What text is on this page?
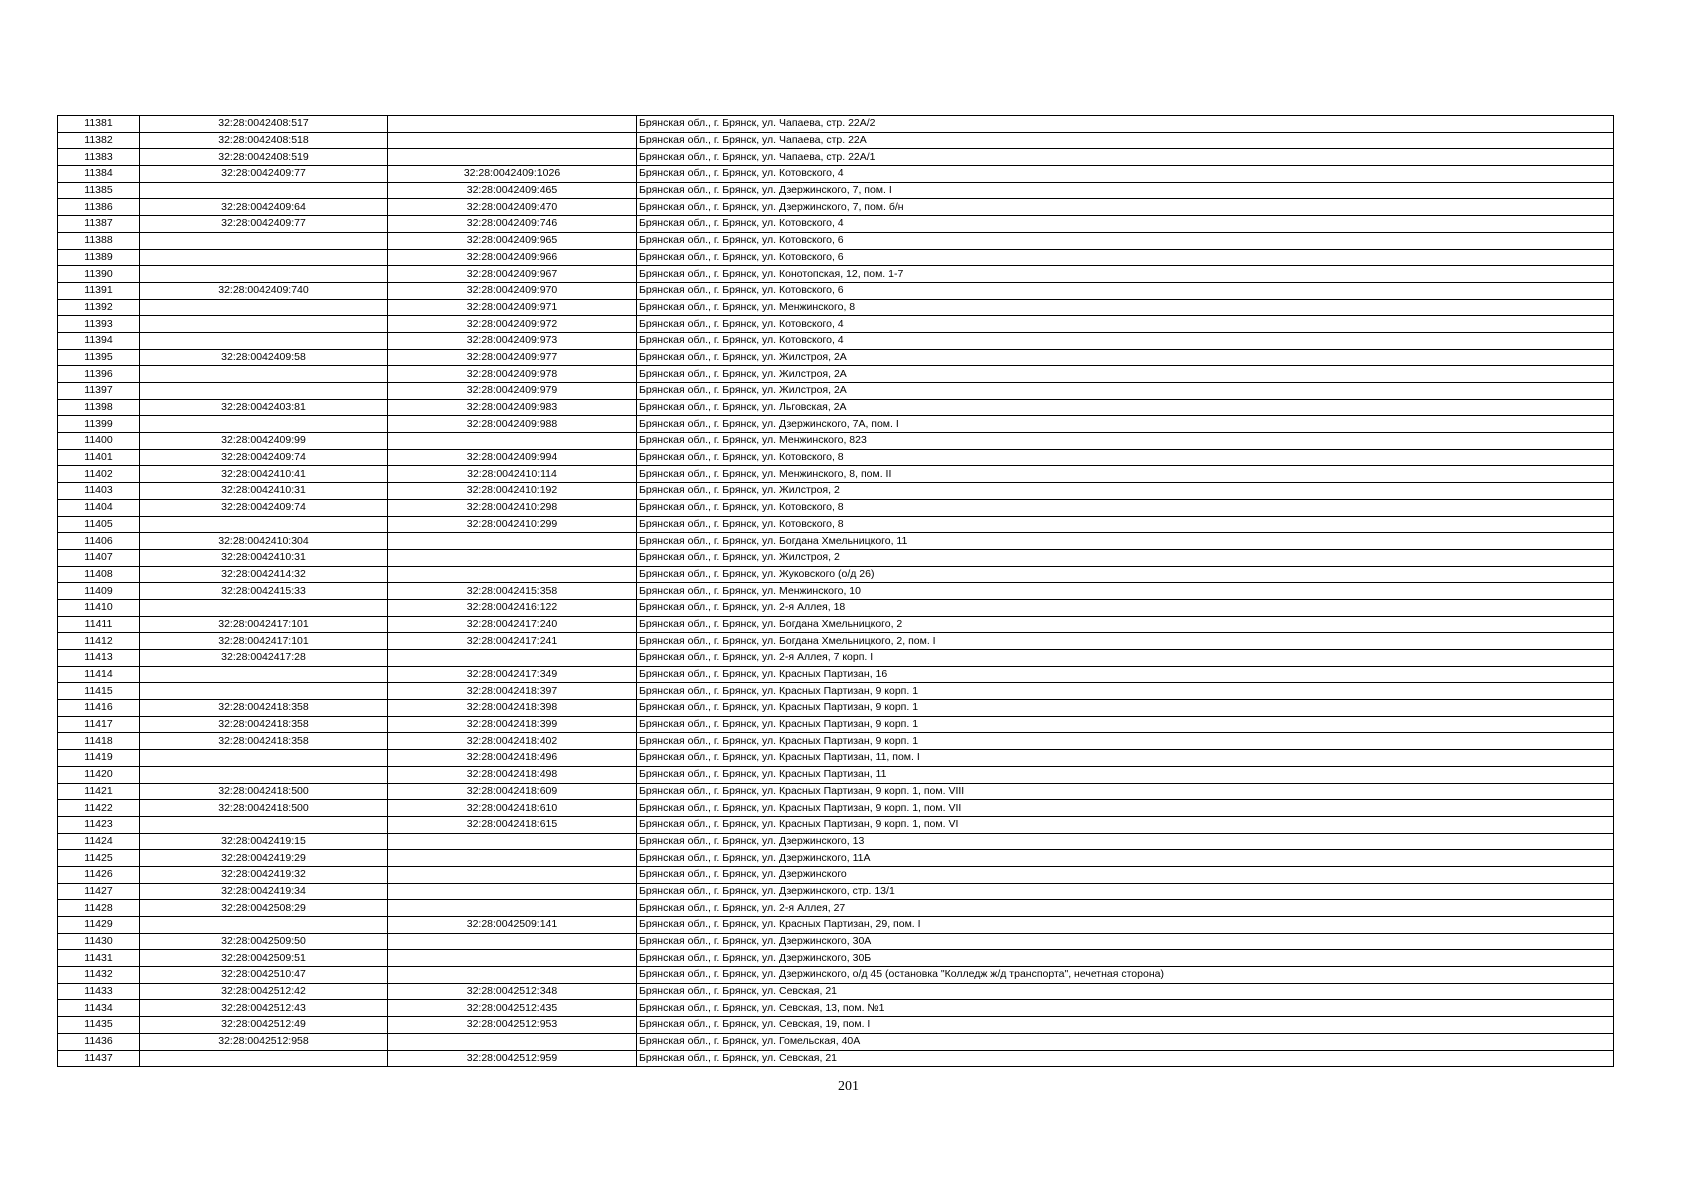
11381	32:28:0042408:517		Брянская обл., г. Брянск, ул. Чапаева, стр. 22А/2
11382	32:28:0042408:518		Брянская обл., г. Брянск, ул. Чапаева, стр. 22А
11383	32:28:0042408:519		Брянская обл., г. Брянск, ул. Чапаева, стр. 22А/1
11384	32:28:0042409:77	32:28:0042409:1026	Брянская обл., г. Брянск, ул. Котовского, 4
11385		32:28:0042409:465	Брянская обл., г. Брянск, ул. Дзержинского, 7, пом. I
11386	32:28:0042409:64	32:28:0042409:470	Брянская обл., г. Брянск, ул. Дзержинского, 7, пом. б/н
11387	32:28:0042409:77	32:28:0042409:746	Брянская обл., г. Брянск, ул. Котовского, 4
11388		32:28:0042409:965	Брянская обл., г. Брянск, ул. Котовского, 6
11389		32:28:0042409:966	Брянская обл., г. Брянск, ул. Котовского, 6
11390		32:28:0042409:967	Брянская обл., г. Брянск, ул. Конотопская, 12, пом. 1-7
11391	32:28:0042409:740	32:28:0042409:970	Брянская обл., г. Брянск, ул. Котовского, 6
11392		32:28:0042409:971	Брянская обл., г. Брянск, ул. Менжинского, 8
11393		32:28:0042409:972	Брянская обл., г. Брянск, ул. Котовского, 4
11394		32:28:0042409:973	Брянская обл., г. Брянск, ул. Котовского, 4
11395	32:28:0042409:58	32:28:0042409:977	Брянская обл., г. Брянск, ул. Жилстроя, 2А
11396		32:28:0042409:978	Брянская обл., г. Брянск, ул. Жилстроя, 2А
11397		32:28:0042409:979	Брянская обл., г. Брянск, ул. Жилстроя, 2А
11398	32:28:0042403:81	32:28:0042409:983	Брянская обл., г. Брянск, ул. Льговская, 2А
11399		32:28:0042409:988	Брянская обл., г. Брянск, ул. Дзержинского, 7А, пом. I
11400	32:28:0042409:99		Брянская обл., г. Брянск, ул. Менжинского, 823
11401	32:28:0042409:74	32:28:0042409:994	Брянская обл., г. Брянск, ул. Котовского, 8
11402	32:28:0042410:41	32:28:0042410:114	Брянская обл., г. Брянск, ул. Менжинского, 8, пом. II
11403	32:28:0042410:31	32:28:0042410:192	Брянская обл., г. Брянск, ул. Жилстроя, 2
11404	32:28:0042409:74	32:28:0042410:298	Брянская обл., г. Брянск, ул. Котовского, 8
11405		32:28:0042410:299	Брянская обл., г. Брянск, ул. Котовского, 8
11406	32:28:0042410:304		Брянская обл., г. Брянск, ул. Богдана Хмельницкого, 11
11407	32:28:0042410:31		Брянская обл., г. Брянск, ул. Жилстроя, 2
11408	32:28:0042414:32		Брянская обл., г. Брянск, ул. Жуковского (о/д 26)
11409	32:28:0042415:33	32:28:0042415:358	Брянская обл., г. Брянск, ул. Менжинского, 10
11410		32:28:0042416:122	Брянская обл., г. Брянск, ул. 2-я Аллея, 18
11411	32:28:0042417:101	32:28:0042417:240	Брянская обл., г. Брянск, ул. Богдана Хмельницкого, 2
11412	32:28:0042417:101	32:28:0042417:241	Брянская обл., г. Брянск, ул. Богдана Хмельницкого, 2, пом. I
11413	32:28:0042417:28		Брянская обл., г. Брянск, ул. 2-я Аллея, 7 корп. I
11414		32:28:0042417:349	Брянская обл., г. Брянск, ул. Красных Партизан, 16
11415		32:28:0042418:397	Брянская обл., г. Брянск, ул. Красных Партизан, 9 корп. 1
11416	32:28:0042418:358	32:28:0042418:398	Брянская обл., г. Брянск, ул. Красных Партизан, 9 корп. 1
11417	32:28:0042418:358	32:28:0042418:399	Брянская обл., г. Брянск, ул. Красных Партизан, 9 корп. 1
11418	32:28:0042418:358	32:28:0042418:402	Брянская обл., г. Брянск, ул. Красных Партизан, 9 корп. 1
11419		32:28:0042418:496	Брянская обл., г. Брянск, ул. Красных Партизан, 11, пом. I
11420		32:28:0042418:498	Брянская обл., г. Брянск, ул. Красных Партизан, 11
11421	32:28:0042418:500	32:28:0042418:609	Брянская обл., г. Брянск, ул. Красных Партизан, 9 корп. 1, пом. VIII
11422	32:28:0042418:500	32:28:0042418:610	Брянская обл., г. Брянск, ул. Красных Партизан, 9 корп. 1, пом. VII
11423		32:28:0042418:615	Брянская обл., г. Брянск, ул. Красных Партизан, 9 корп. 1, пом. VI
11424	32:28:0042419:15		Брянская обл., г. Брянск, ул. Дзержинского, 13
11425	32:28:0042419:29		Брянская обл., г. Брянск, ул. Дзержинского, 11А
11426	32:28:0042419:32		Брянская обл., г. Брянск, ул. Дзержинского
11427	32:28:0042419:34		Брянская обл., г. Брянск, ул. Дзержинского, стр. 13/1
11428	32:28:0042508:29		Брянская обл., г. Брянск, ул. 2-я Аллея, 27
11429		32:28:0042509:141	Брянская обл., г. Брянск, ул. Красных Партизан, 29, пом. I
11430	32:28:0042509:50		Брянская обл., г. Брянск, ул. Дзержинского, 30А
11431	32:28:0042509:51		Брянская обл., г. Брянск, ул. Дзержинского, 30Б
11432	32:28:0042510:47		Брянская обл., г. Брянск, ул. Дзержинского, о/д 45 (остановка "Колледж ж/д транспорта", нечетная сторона)
11433	32:28:0042512:42	32:28:0042512:348	Брянская обл., г. Брянск, ул. Севская, 21
11434	32:28:0042512:43	32:28:0042512:435	Брянская обл., г. Брянск, ул. Севская, 13, пом. №1
11435	32:28:0042512:49	32:28:0042512:953	Брянская обл., г. Брянск, ул. Севская, 19, пом. I
11436	32:28:0042512:958		Брянская обл., г. Брянск, ул. Гомельская, 40А
11437		32:28:0042512:959	Брянская обл., г. Брянск, ул. Севская, 21
201
